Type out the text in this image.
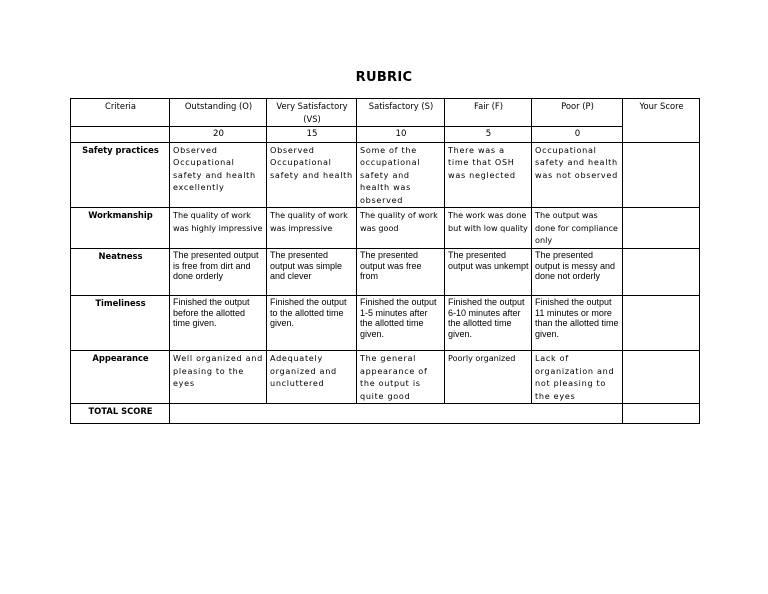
RUBRIC
Criteria	Outstanding (O)	Very Satisfactory (VS)	Satisfactory (S)	Fair (F)	Poor (P)	Your Score
	20	15	10	5	0	
Safety practices	Observed Occupational safety and health excellently	Observed Occupational safety and health	Some of the occupational safety and health was observed	There was a time that OSH was neglected	Occupational safety and health was not observed	
Workmanship	The quality of work was highly impressive	The quality of work was impressive	The quality of work was good	The work was done but with low quality	The output was done for compliance only	
Neatness	The presented output is free from dirt and done orderly	The presented output was simple and clever	The presented output was free from	The presented output was unkempt	The presented output is messy and done not orderly	
Timeliness	Finished the output before the allotted time given.	Finished the output to the allotted time given.	Finished the output 1-5 minutes after the allotted time given.	Finished the output 6-10 minutes after the allotted time given.	Finished the output 11 minutes or more than the allotted time given.	
Appearance	Well organized and pleasing to the eyes	Adequately organized and uncluttered	The general appearance of the output is quite good	Poorly organized	Lack of organization and not pleasing to the eyes	
TOTAL SCORE						
